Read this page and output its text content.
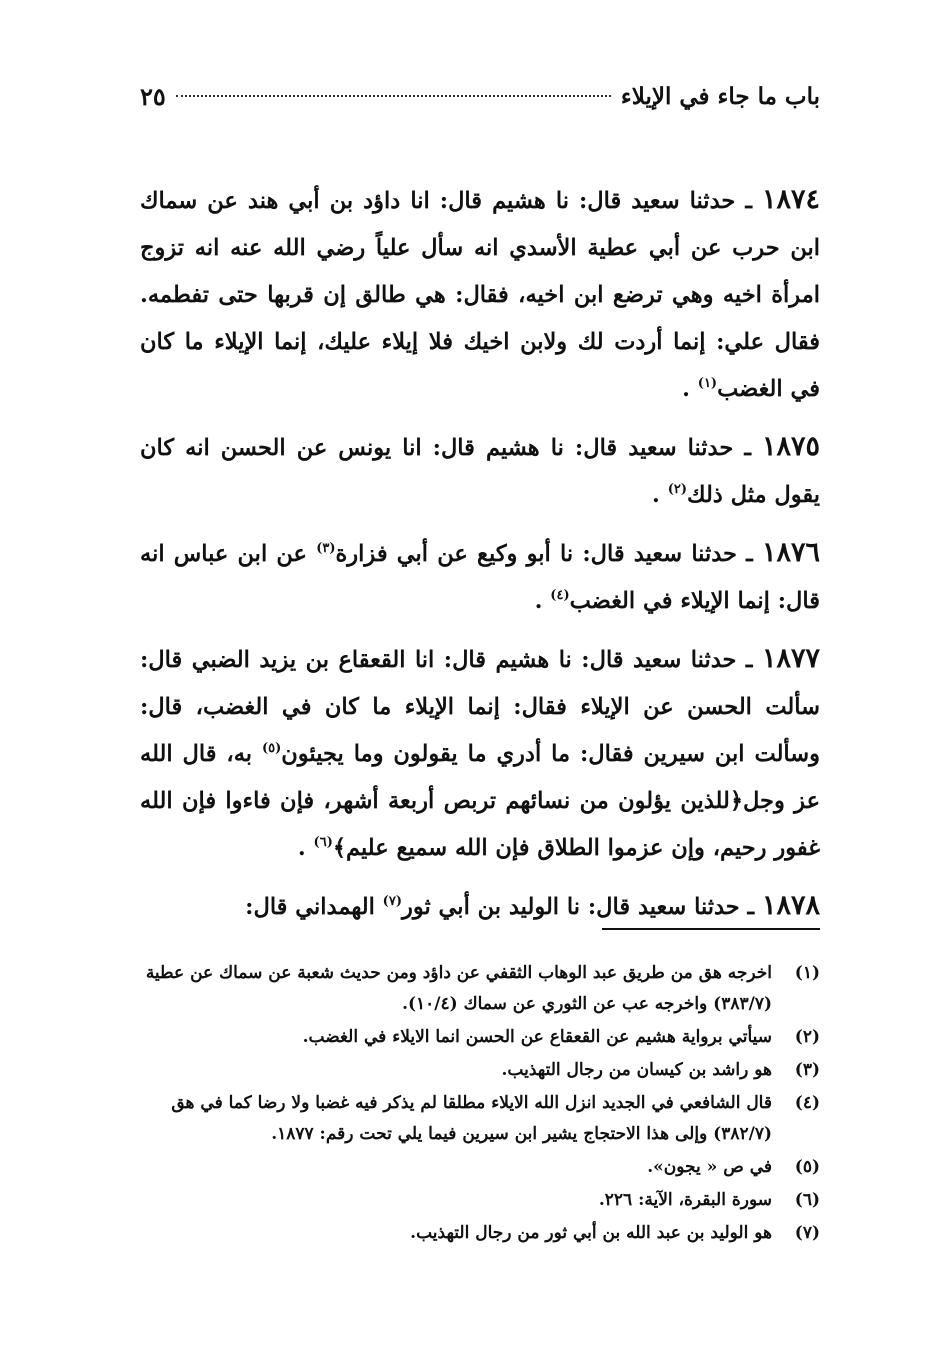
باب ما جاء في الإيلاء
٢٥

١٨٧٤ ـ حدثنا سعيد قال: نا هشيم قال: انا داؤد بن أبي هند عن سماك ابن حرب عن أبي عطية الأسدي انه سأل علياً رضي الله عنه انه تزوج امرأة اخيه وهي ترضع ابن اخيه، فقال: هي طالق إن قربها حتى تفطمه. فقال علي: إنما أردت لك ولابن اخيك فلا إيلاء عليك، إنما الإيلاء ما كان في الغضب$^{(١)}$ .

١٨٧٥ ـ حدثنا سعيد قال: نا هشيم قال: انا يونس عن الحسن انه كان يقول مثل ذلك$^{(٢)}$ .

١٨٧٦ ـ حدثنا سعيد قال: نا أبو وكيع عن أبي فزارة$^{(٣)}$ عن ابن عباس انه قال: إنما الإيلاء في الغضب$^{(٤)}$ .

١٨٧٧ ـ حدثنا سعيد قال: نا هشيم قال: انا القعقاع بن يزيد الضبي قال: سألت الحسن عن الإيلاء فقال: إنما الإيلاء ما كان في الغضب، قال: وسألت ابن سيرين فقال: ما أدري ما يقولون وما يجيئون$^{(٥)}$ به، قال الله عز وجل﴿للذين يؤلون من نسائهم تربص أربعة أشهر، فإن فاءوا فإن الله غفور رحيم، وإن عزموا الطلاق فإن الله سميع عليم﴾$^{(٦)}$ .

١٨٧٨ ـ حدثنا سعيد قال: نا الوليد بن أبي ثور$^{(٧)}$ الهمداني قال:

(١)
اخرجه هق من طريق عبد الوهاب الثقفي عن داؤد ومن حديث شعبة عن سماك عن عطية (٣٨٣/٧) واخرجه عب عن الثوري عن سماك (١٠/٤).
(٢)
سيأتي برواية هشيم عن القعقاع عن الحسن انما الايلاء في الغضب.
(٣)
هو راشد بن كيسان من رجال التهذيب.
(٤)
قال الشافعي في الجديد انزل الله الايلاء مطلقا لم يذكر فيه غضبا ولا رضا كما في هق (٣٨٢/٧) وإلى هذا الاحتجاج يشير ابن سيرين فيما يلي تحت رقم: ١٨٧٧.
(٥)
في ص « يجون».
(٦)
سورة البقرة، الآية: ٢٢٦.
(٧)
هو الوليد بن عبد الله بن أبي ثور من رجال التهذيب.
